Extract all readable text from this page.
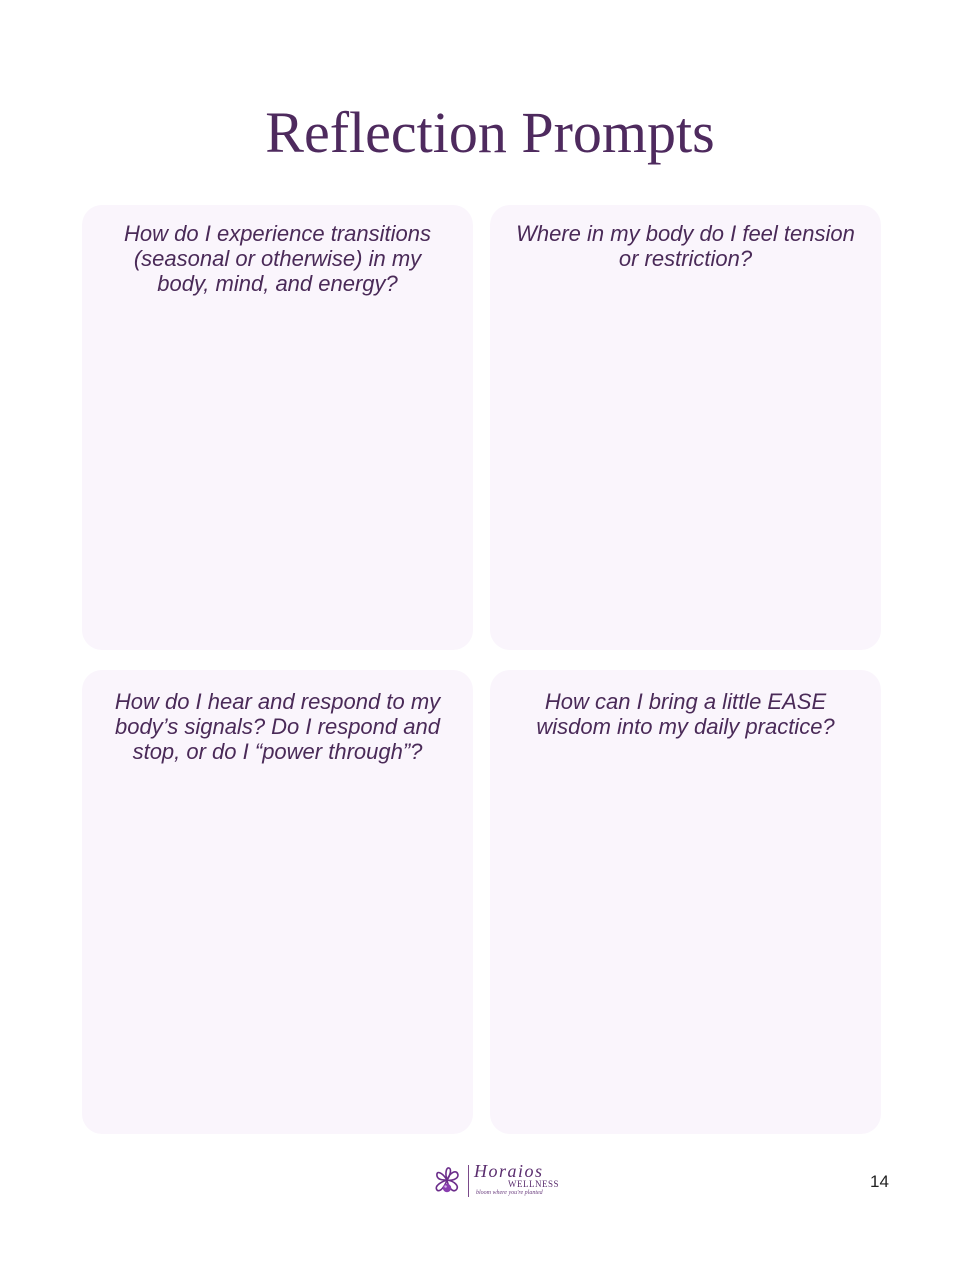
Reflection Prompts

How do I experience transitions (seasonal or otherwise) in my body, mind, and energy?

Where in my body do I feel tension or restriction?

How do I hear and respond to my body’s signals? Do I respond and stop, or do I “power through”?

How can I bring a little EASE wisdom into my daily practice?

Horaios
WELLNESS
bloom where you're planted
14
